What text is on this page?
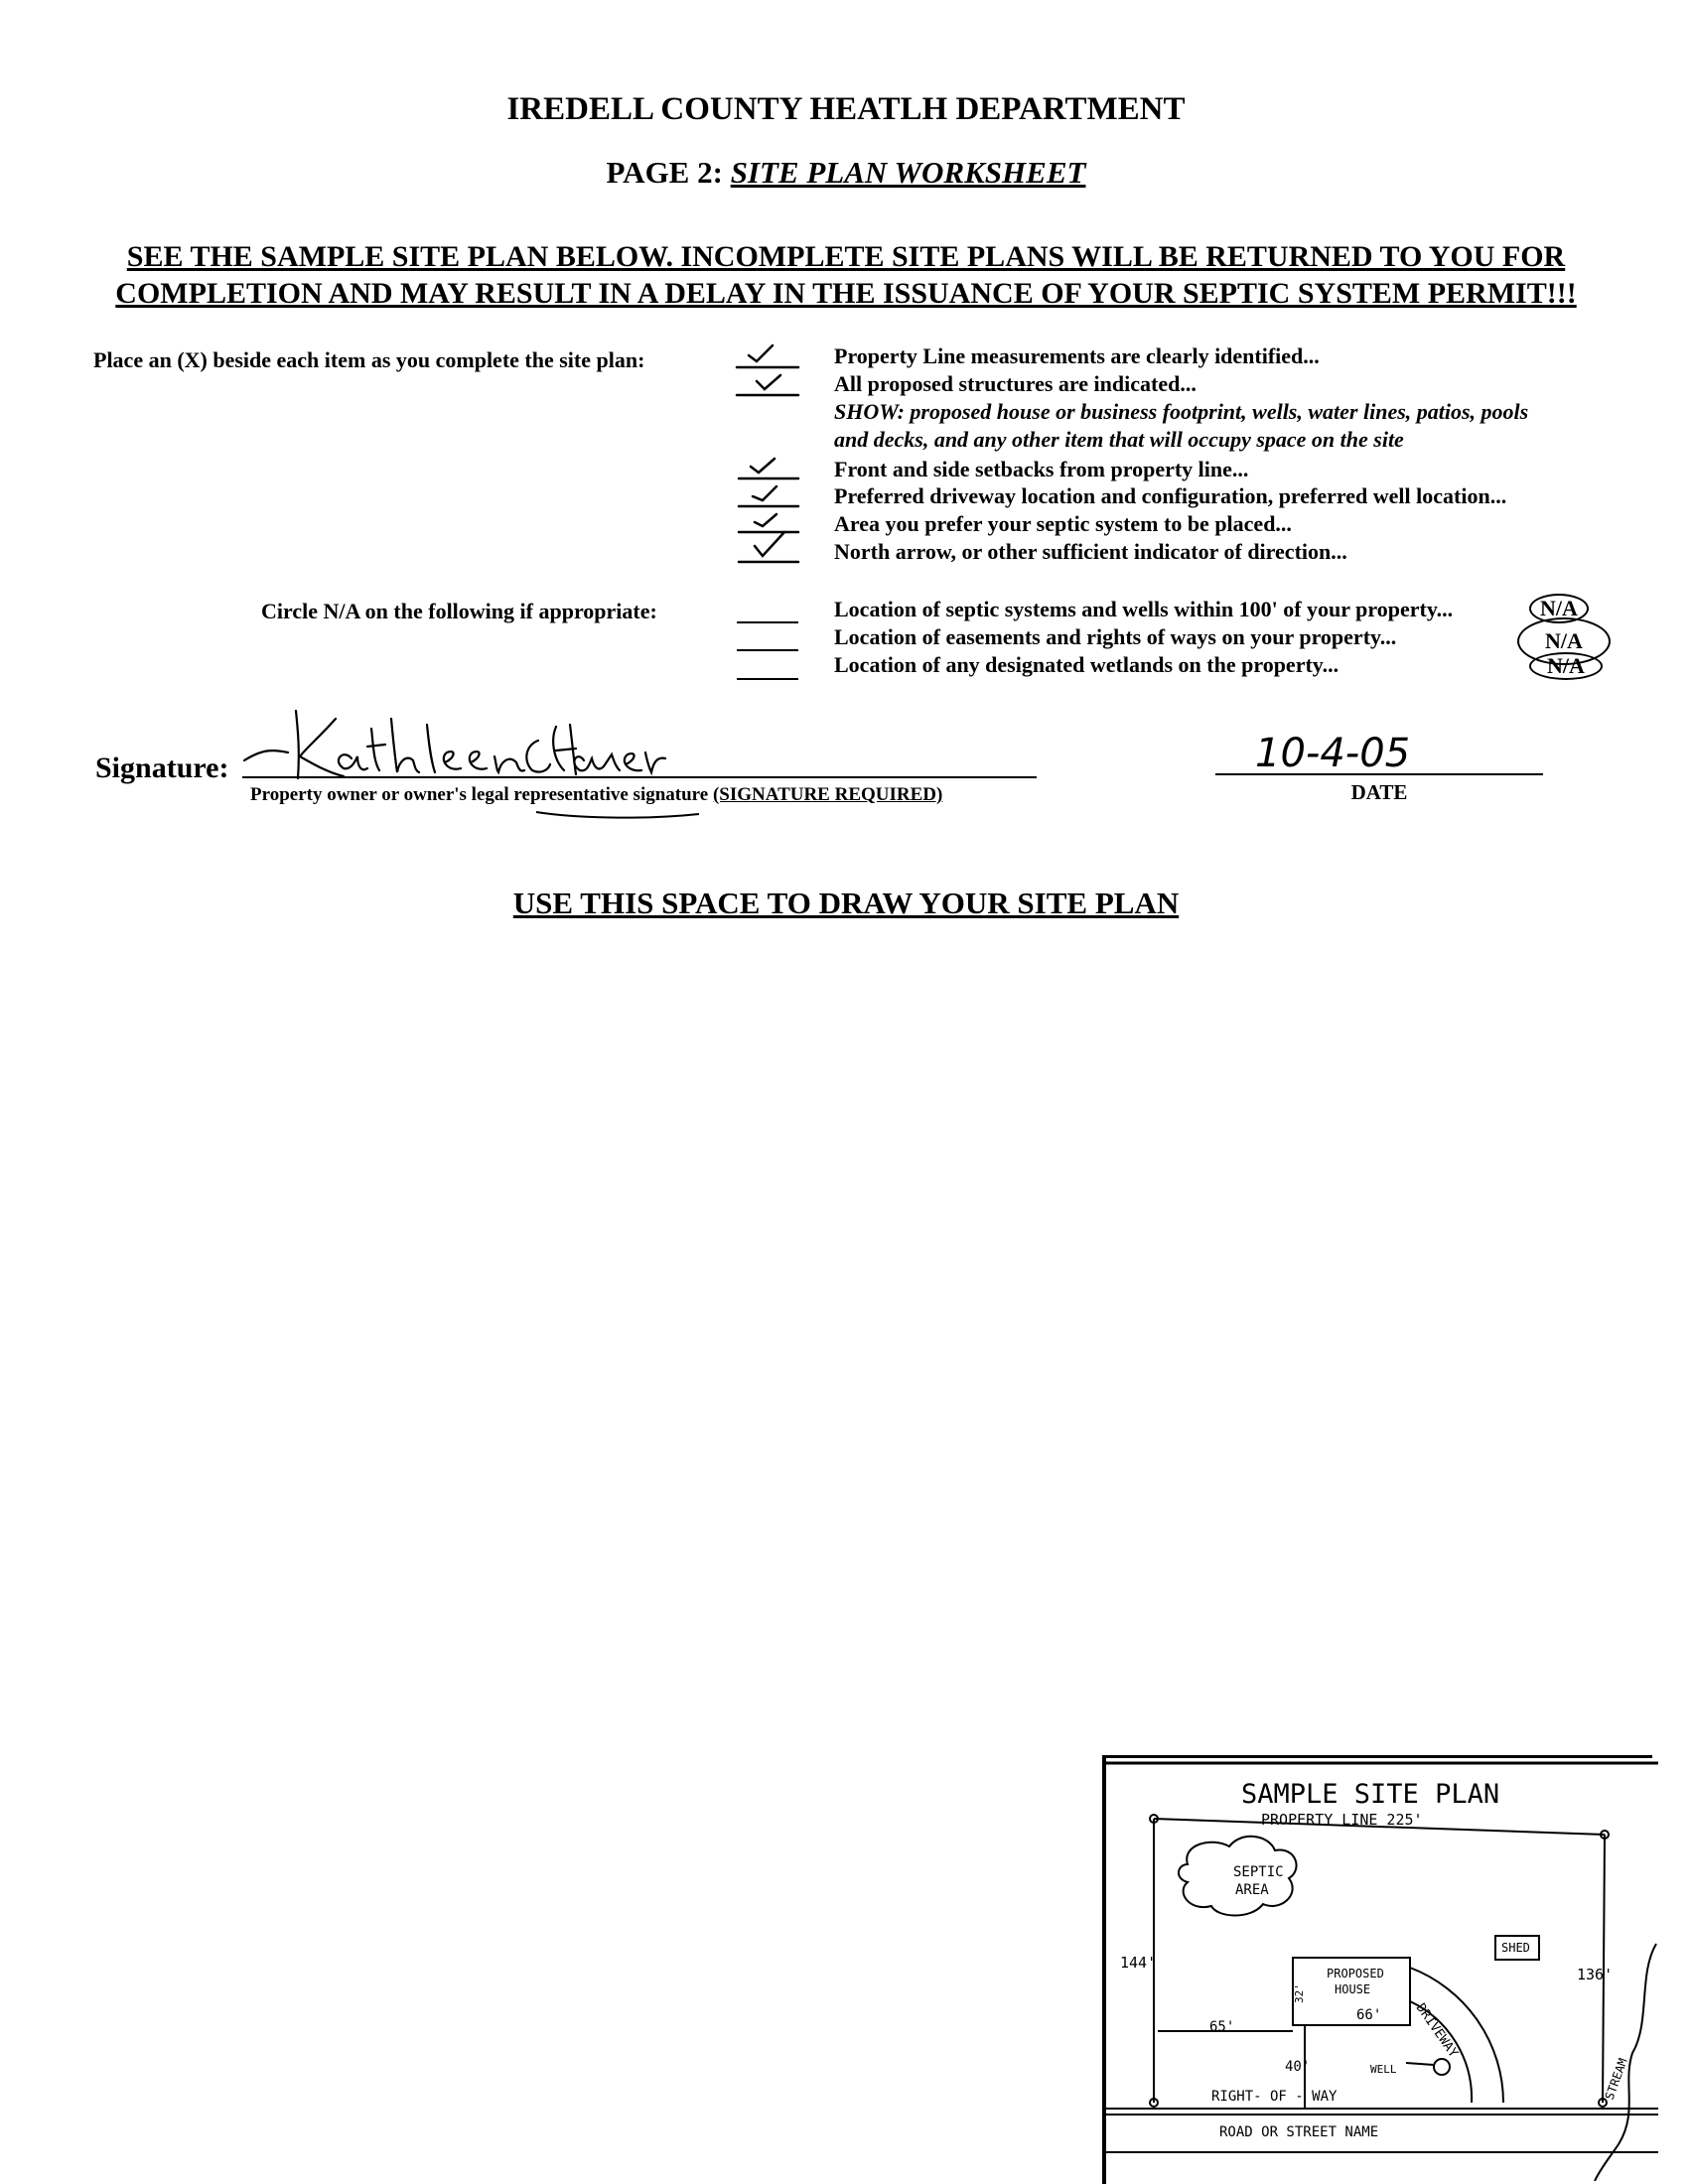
IREDELL COUNTY HEATLH DEPARTMENT
PAGE 2: SITE PLAN WORKSHEET
SEE THE SAMPLE SITE PLAN BELOW. INCOMPLETE SITE PLANS WILL BE RETURNED TO YOU FOR
COMPLETION AND MAY RESULT IN A DELAY IN THE ISSUANCE OF YOUR SEPTIC SYSTEM PERMIT!!!
Place an (X) beside each item as you complete the site plan:	Property Line measurements are clearly identified...
All proposed structures are indicated...
SHOW: proposed house or business footprint, wells, water lines, patios, pools
and decks, and any other item that will occupy space on the site
Front and side setbacks from property line...
Preferred driveway location and configuration, preferred well location...
Area you prefer your septic system to be placed...
North arrow, or other sufficient indicator of direction...
Circle N/A on the following if appropriate:	Location of septic systems and wells within 100' of your property...
Location of easements and rights of ways on your property...
Location of any designated wetlands on the property...
N/A
N/A
N/A
Signature:
Property owner or owner's legal representative signature (SIGNATURE REQUIRED)
10-4-05
DATE
USE THIS SPACE TO DRAW YOUR SITE PLAN
SAMPLE SITE PLAN
PROPERTY LINE 225'
SEPTIC
AREA
SHED
144'
136'
PROPOSED
HOUSE
32'
66'
65'
40'
DRIVEWAY
WELL
RIGHT- OF - WAY
ROAD OR STREET NAME
STREAM
